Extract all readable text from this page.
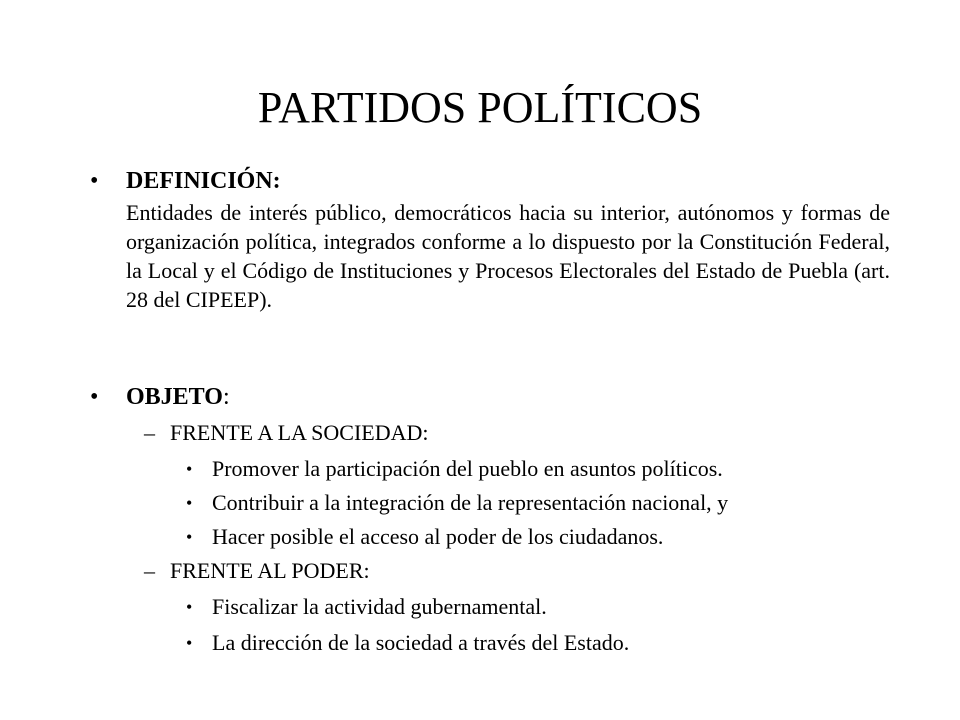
PARTIDOS POLÍTICOS
•	DEFINICIÓN:

Entidades de interés público, democráticos hacia su interior, autónomos y formas de organización política, integrados conforme a lo dispuesto por la Constitución Federal, la Local y el Código de Instituciones y Procesos Electorales del Estado de Puebla (art. 28 del CIPEEP).

•	OBJETO:
– FRENTE A LA SOCIEDAD:
• Promover la participación del pueblo en asuntos políticos.
• Contribuir a la integración de la representación nacional, y
• Hacer posible el acceso al poder de los ciudadanos.
– FRENTE AL PODER:
• Fiscalizar la actividad gubernamental.
• La dirección de la sociedad a través del Estado.
